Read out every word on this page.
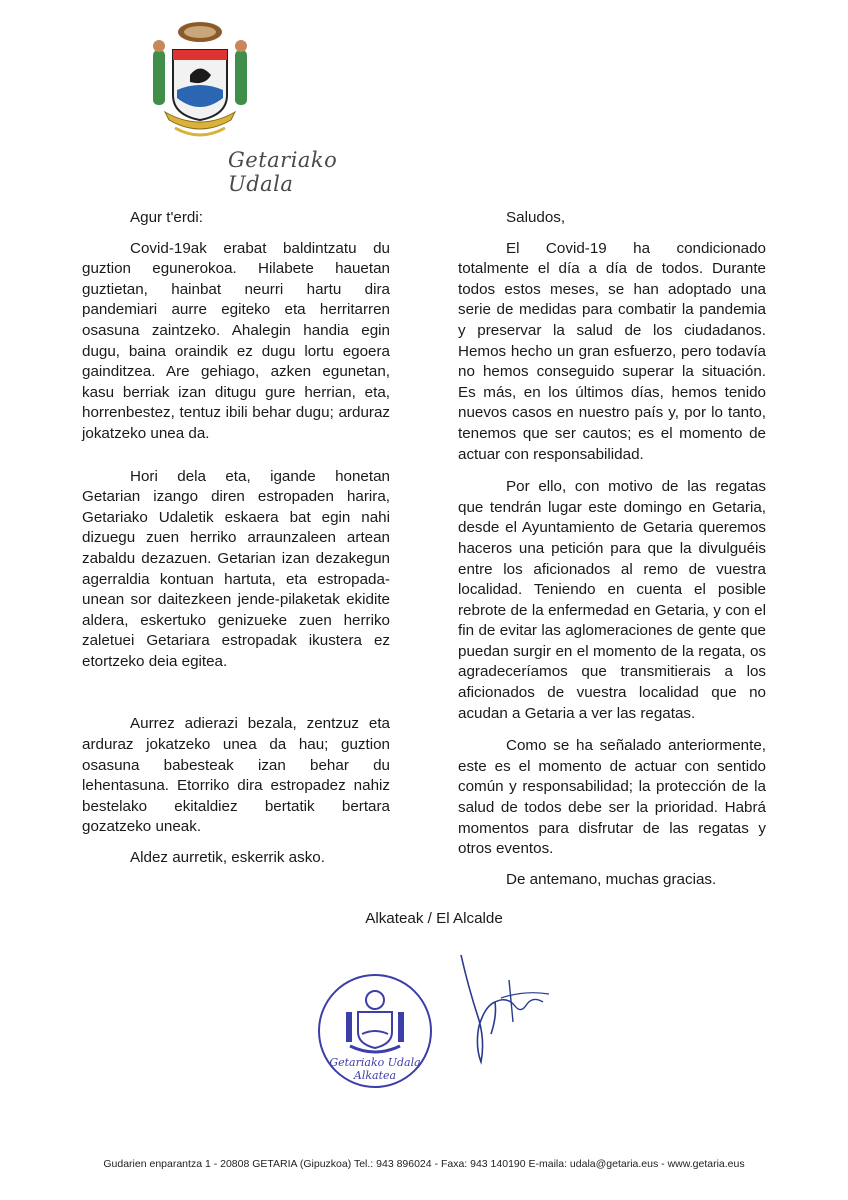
Getariako Udala

Agur t'erdi:

Covid-19ak erabat baldintzatu du guztion egunerokoa. Hilabete hauetan guztietan, hainbat neurri hartu dira pandemiari aurre egiteko eta herritarren osasuna zaintzeko. Ahalegin handia egin dugu, baina oraindik ez dugu lortu egoera gainditzea. Are gehiago, azken egunetan, kasu berriak izan ditugu gure herrian, eta, horrenbestez, tentuz ibili behar dugu; arduraz jokatzeko unea da.

Hori dela eta, igande honetan Getarian izango diren estropaden harira, Getariako Udaletik eskaera bat egin nahi dizuegu zuen herriko arraunzaleen artean zabaldu dezazuen. Getarian izan dezakegun agerraldia kontuan hartuta, eta estropada-unean sor daitezkeen jende-pilaketak ekidite aldera, eskertuko genizueke zuen herriko zaletuei Getariara estropadak ikustera ez etortzeko deia egitea.

Aurrez adierazi bezala, zentzuz eta arduraz jokatzeko unea da hau; guztion osasuna babesteak izan behar du lehentasuna. Etorriko dira estropadez nahiz bestelako ekitaldiez bertatik bertara gozatzeko uneak.

Aldez aurretik, eskerrik asko.

Saludos,

El Covid-19 ha condicionado totalmente el día a día de todos. Durante todos estos meses, se han adoptado una serie de medidas para combatir la pandemia y preservar la salud de los ciudadanos. Hemos hecho un gran esfuerzo, pero todavía no hemos conseguido superar la situación. Es más, en los últimos días, hemos tenido nuevos casos en nuestro país y, por lo tanto, tenemos que ser cautos; es el momento de actuar con responsabilidad.

Por ello, con motivo de las regatas que tendrán lugar este domingo en Getaria, desde el Ayuntamiento de Getaria queremos haceros una petición para que la divulguéis entre los aficionados al remo de vuestra localidad. Teniendo en cuenta el posible rebrote de la enfermedad en Getaria, y con el fin de evitar las aglomeraciones de gente que puedan surgir en el momento de la regata, os agradeceríamos que transmitierais a los aficionados de vuestra localidad que no acudan a Getaria a ver las regatas.

Como se ha señalado anteriormente, este es el momento de actuar con sentido común y responsabilidad; la protección de la salud de todos debe ser la prioridad. Habrá momentos para disfrutar de las regatas y otros eventos.

De antemano, muchas gracias.

Alkateak / El Alcalde
Getariako Udala
Alkatea
Gudarien enparantza 1 - 20808 GETARIA (Gipuzkoa) Tel.: 943 896024 - Faxa: 943 140190 E-maila: udala@getaria.eus - www.getaria.eus
